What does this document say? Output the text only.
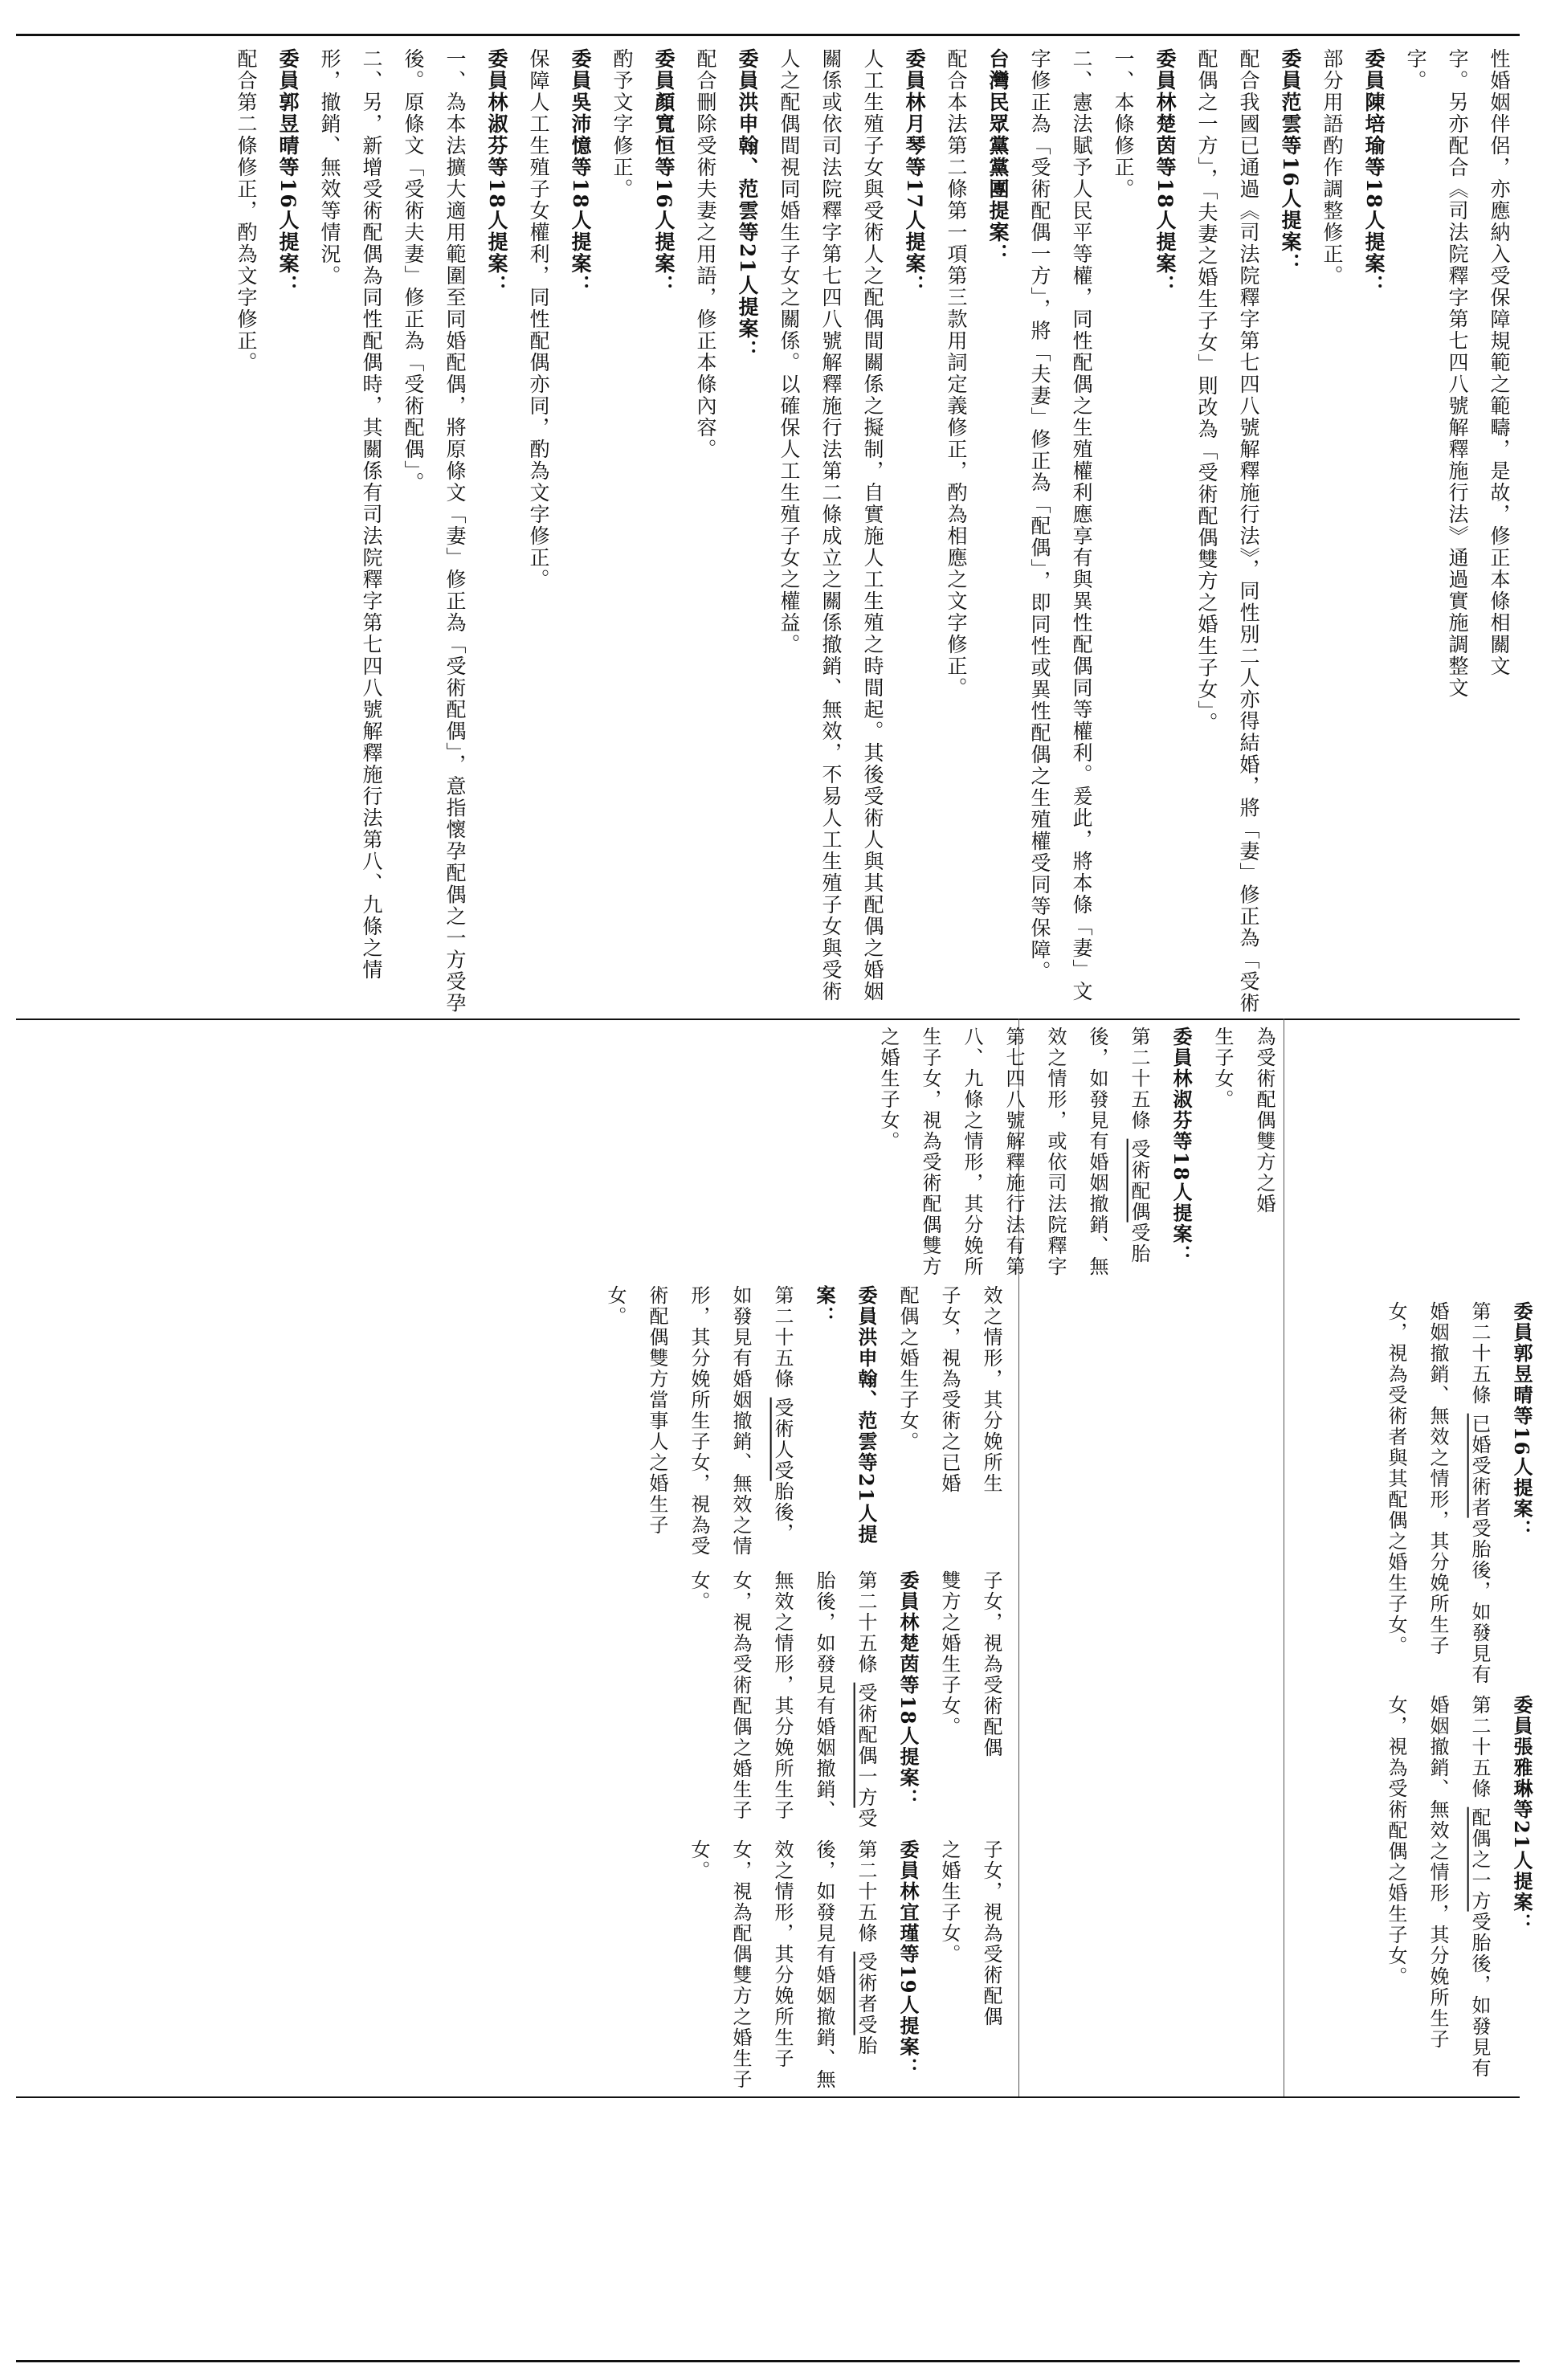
性婚姻伴侶，亦應納入受保障規範之範疇，是故，修正本條相關文
字。另亦配合《司法院釋字第七四八號解釋施行法》通過實施調整文
字。
委員陳培瑜等18人提案：
部分用語酌作調整修正。
委員范雲等16人提案：
配合我國已通過《司法院釋字第七四八號解釋施行法》，同性別二人亦得結婚，將「妻」修正為「受術配偶之一方」，「夫妻之婚生子女」則改為「受術配偶雙方之婚生子女」。
委員林楚茵等18人提案：
一、本條修正。
二、憲法賦予人民平等權，同性配偶之生殖權利應享有與異性配偶同等權利。爰此，將本條「妻」文字修正為「受術配偶一方」，將「夫妻」修正為「配偶」，即同性或異性配偶之生殖權受同等保障。
台灣民眾黨黨團提案：
配合本法第二條第一項第三款用詞定義修正，酌為相應之文字修正。
委員林月琴等17人提案：
人工生殖子女與受術人之配偶間關係之擬制，自實施人工生殖之時間起。其後受術人與其配偶之婚姻關係或依司法院釋字第七四八號解釋施行法第二條成立之關係撤銷、無效，不易人工生殖子女與受術人之配偶間視同婚生子女之關係。以確保人工生殖子女之權益。
委員洪申翰、范雲等21人提案：
配合刪除受術夫妻之用語，修正本條內容。
委員顏寬恒等16人提案：
酌予文字修正。
委員吳沛憶等18人提案：
保障人工生殖子女權利，同性配偶亦同，酌為文字修正。
委員林淑芬等18人提案：
一、為本法擴大適用範圍至同婚配偶，將原條文「妻」修正為「受術配偶」，意指懷孕配偶之一方受孕後。原條文「受術夫妻」修正為「受術配偶」。
二、另，新增受術配偶為同性配偶時，其關係有司法院釋字第七四八號解釋施行法第八、九條之情形，撤銷、無效等情況。
委員郭昱晴等16人提案：
配合第二條修正，酌為文字修正。
為受術配偶雙方之婚
生子女。
委員林淑芬等18人提案：
第二十五條 受術配偶受胎後，如發見有婚姻撤銷、無效之情形，或依司法院釋字第七四八號解釋施行法有第八、九條之情形，其分娩所生子女，視為受術配偶雙方之婚生子女。
效之情形，其分娩所生
子女，視為受術之已婚
配偶之婚生子女。
委員洪申翰、范雲等21人提案：
第二十五條 受術人受胎後，如發見有婚姻撤銷、無效之情形，其分娩所生子女，視為受術配偶雙方當事人之婚生子女。
子女，視為受術配偶
雙方之婚生子女。
委員林楚茵等18人提案：
第二十五條 受術配偶一方受胎後，如發見有婚姻撤銷、無效之情形，其分娩所生子女，視為受術配偶之婚生子女。
子女，視為受術配偶
之婚生子女。
委員林宜瑾等19人提案：
第二十五條 受術者受胎後，如發見有婚姻撤銷、無效之情形，其分娩所生子女，視為配偶雙方之婚生子女。
委員郭昱晴等16人提案：
第二十五條 已婚受術者受胎後，如發見有婚姻撤銷、無效之情形，其分娩所生子女，視為受術者與其配偶之婚生子女。
委員張雅琳等21人提案：
第二十五條 配偶之一方受胎後，如發見有婚姻撤銷、無效之情形，其分娩所生子女，視為受術配偶之婚生子女。
